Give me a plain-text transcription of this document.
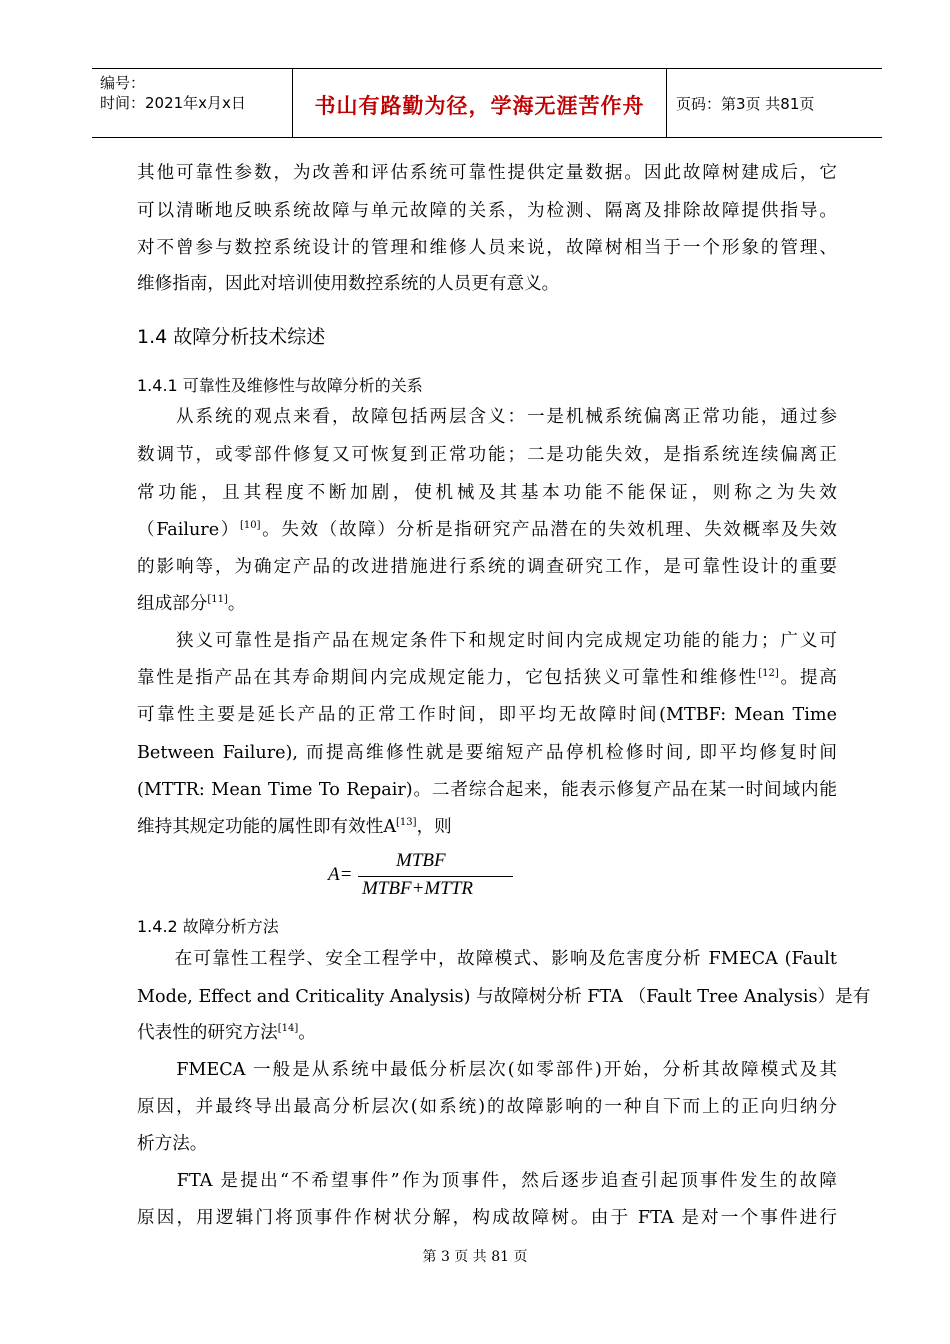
编号：
时间：2021年x月x日	书山有路勤为径，学海无涯苦作舟	页码：第3页 共81页
其他可靠性参数，为改善和评估系统可靠性提供定量数据。因此故障树建成后，它
可以清晰地反映系统故障与单元故障的关系，为检测、隔离及排除故障提供指导。
对不曾参与数控系统设计的管理和维修人员来说，故障树相当于一个形象的管理、
维修指南，因此对培训使用数控系统的人员更有意义。
1.4 故障分析技术综述
1.4.1 可靠性及维修性与故障分析的关系
　　从系统的观点来看，故障包括两层含义：一是机械系统偏离正常功能，通过参
数调节，或零部件修复又可恢复到正常功能；二是功能失效，是指系统连续偏离正
常功能，且其程度不断加剧，使机械及其基本功能不能保证，则称之为失效
（Failure）[10]。失效（故障）分析是指研究产品潜在的失效机理、失效概率及失效
的影响等，为确定产品的改进措施进行系统的调查研究工作，是可靠性设计的重要
组成部分[11]。
　　狭义可靠性是指产品在规定条件下和规定时间内完成规定功能的能力；广义可
靠性是指产品在其寿命期间内完成规定能力，它包括狭义可靠性和维修性[12]。提高
可靠性主要是延长产品的正常工作时间，即平均无故障时间(MTBF: Mean Time
Between Failure), 而提高维修性就是要缩短产品停机检修时间, 即平均修复时间
(MTTR: Mean Time To Repair)。二者综合起来，能表示修复产品在某一时间域内能
维持其规定功能的属性即有效性A[13]，则
A=
MTBF
MTBF+MTTR
1.4.2 故障分析方法
　　在可靠性工程学、安全工程学中，故障模式、影响及危害度分析 FMECA (Fault
Mode, Effect and Criticality Analysis) 与故障树分析 FTA （Fault Tree Analysis）是有
代表性的研究方法[14]。
　　FMECA 一般是从系统中最低分析层次(如零部件)开始，分析其故障模式及其
原因，并最终导出最高分析层次(如系统)的故障影响的一种自下而上的正向归纳分
析方法。
　　FTA 是提出“不希望事件”作为顶事件，然后逐步追查引起顶事件发生的故障
原因，用逻辑门将顶事件作树状分解，构成故障树。由于 FTA 是对一个事件进行
第 3 页 共 81 页
